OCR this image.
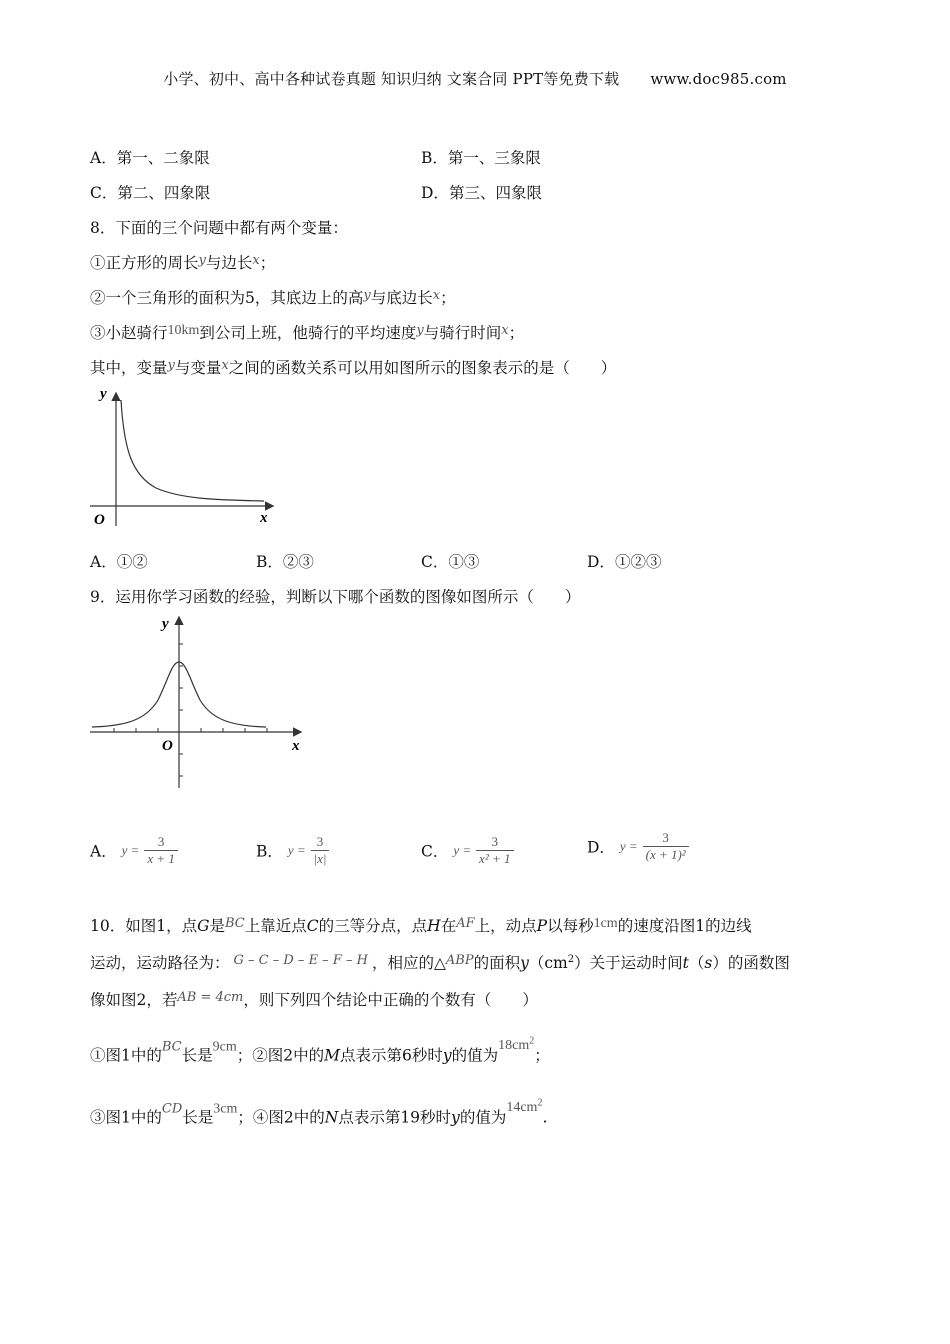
小学、初中、高中各种试卷真题 知识归纳 文案合同 PPT等免费下载 www.doc985.com
A．第一、二象限	B．第一、三象限
C．第二、四象限	D．第三、四象限
8．下面的三个问题中都有两个变量：
①正方形的周长$^y$与边长$^x$；
②一个三角形的面积为5，其底边上的高$^y$与底边长$^x$；
③小赵骑行10km到公司上班，他骑行的平均速度$^y$与骑行时间$^x$；
其中，变量$^y$与变量$^x$之间的函数关系可以用如图所示的图象表示的是（　　）
y
x
O
A．①②	B．②③	C．①③	D．①②③
9．运用你学习函数的经验，判断以下哪个函数的图像如图所示（　　）
y
x
O
A． $y = \frac{3}{x + 1}$	B． $y = \frac{3}{|x|}$	C． $y = \frac{3}{\text{x² + 1}}$	D． $y = \frac{3}{\text{(x + 1)²}}$
10．如图1，点G是$^{BC}$上靠近点C的三等分点，点H在$^{AF}$上，动点P以每秒1cm的速度沿图1的边线
运动，运动路径为： $^{G - C - D - E - F - H}$ ，相应的△$^{ABP}$的面积$y(cm^2)$关于运动时间t（s）的函数图
像如图2，若$^{AB = 4cm}$，则下列四个结论中正确的个数有（　　）
①图1中的$^{BC}$长是9cm；②图2中的M点表示第6秒时y的值为$18cm^2$；
③图1中的$^{CD}$长是3cm；④图2中的N点表示第19秒时y的值为$14cm^2$.
